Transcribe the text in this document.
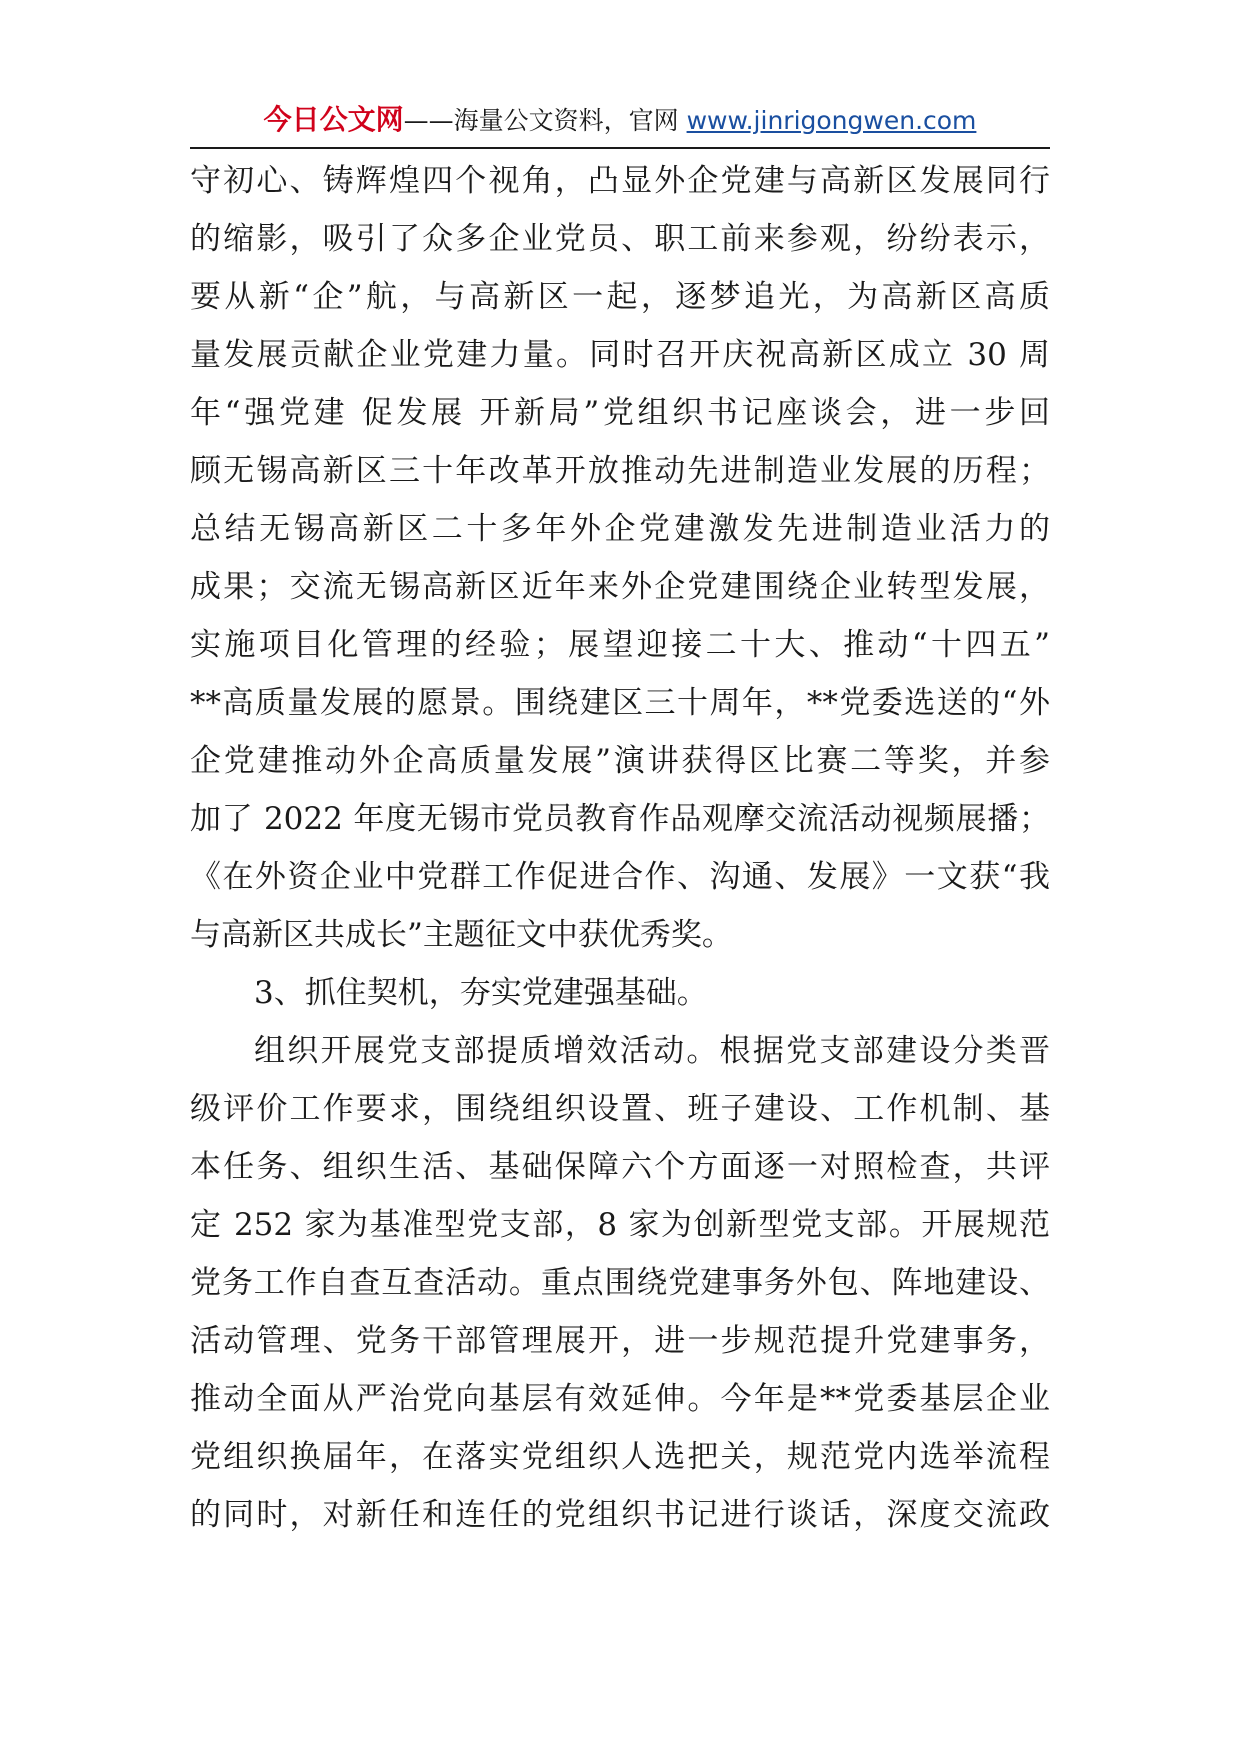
今日公文网——海量公文资料，官网 www.jinrigongwen.com
守初心、铸辉煌四个视角，凸显外企党建与高新区发展同行
的缩影，吸引了众多企业党员、职工前来参观，纷纷表示，
要从新“企”航，与高新区一起，逐梦追光，为高新区高质
量发展贡献企业党建力量。同时召开庆祝高新区成立 30 周
年“强党建 促发展 开新局”党组织书记座谈会，进一步回
顾无锡高新区三十年改革开放推动先进制造业发展的历程；
总结无锡高新区二十多年外企党建激发先进制造业活力的
成果；交流无锡高新区近年来外企党建围绕企业转型发展，
实施项目化管理的经验；展望迎接二十大、推动“十四五”
**高质量发展的愿景。围绕建区三十周年，**党委选送的“外
企党建推动外企高质量发展”演讲获得区比赛二等奖，并参
加了 2022 年度无锡市党员教育作品观摩交流活动视频展播；
《在外资企业中党群工作促进合作、沟通、发展》一文获“我
与高新区共成长”主题征文中获优秀奖。
3、抓住契机，夯实党建强基础。
组织开展党支部提质增效活动。根据党支部建设分类晋
级评价工作要求，围绕组织设置、班子建设、工作机制、基
本任务、组织生活、基础保障六个方面逐一对照检查，共评
定 252 家为基准型党支部，8 家为创新型党支部。开展规范
党务工作自查互查活动。重点围绕党建事务外包、阵地建设、
活动管理、党务干部管理展开，进一步规范提升党建事务，
推动全面从严治党向基层有效延伸。今年是**党委基层企业
党组织换届年，在落实党组织人选把关，规范党内选举流程
的同时，对新任和连任的党组织书记进行谈话，深度交流政
